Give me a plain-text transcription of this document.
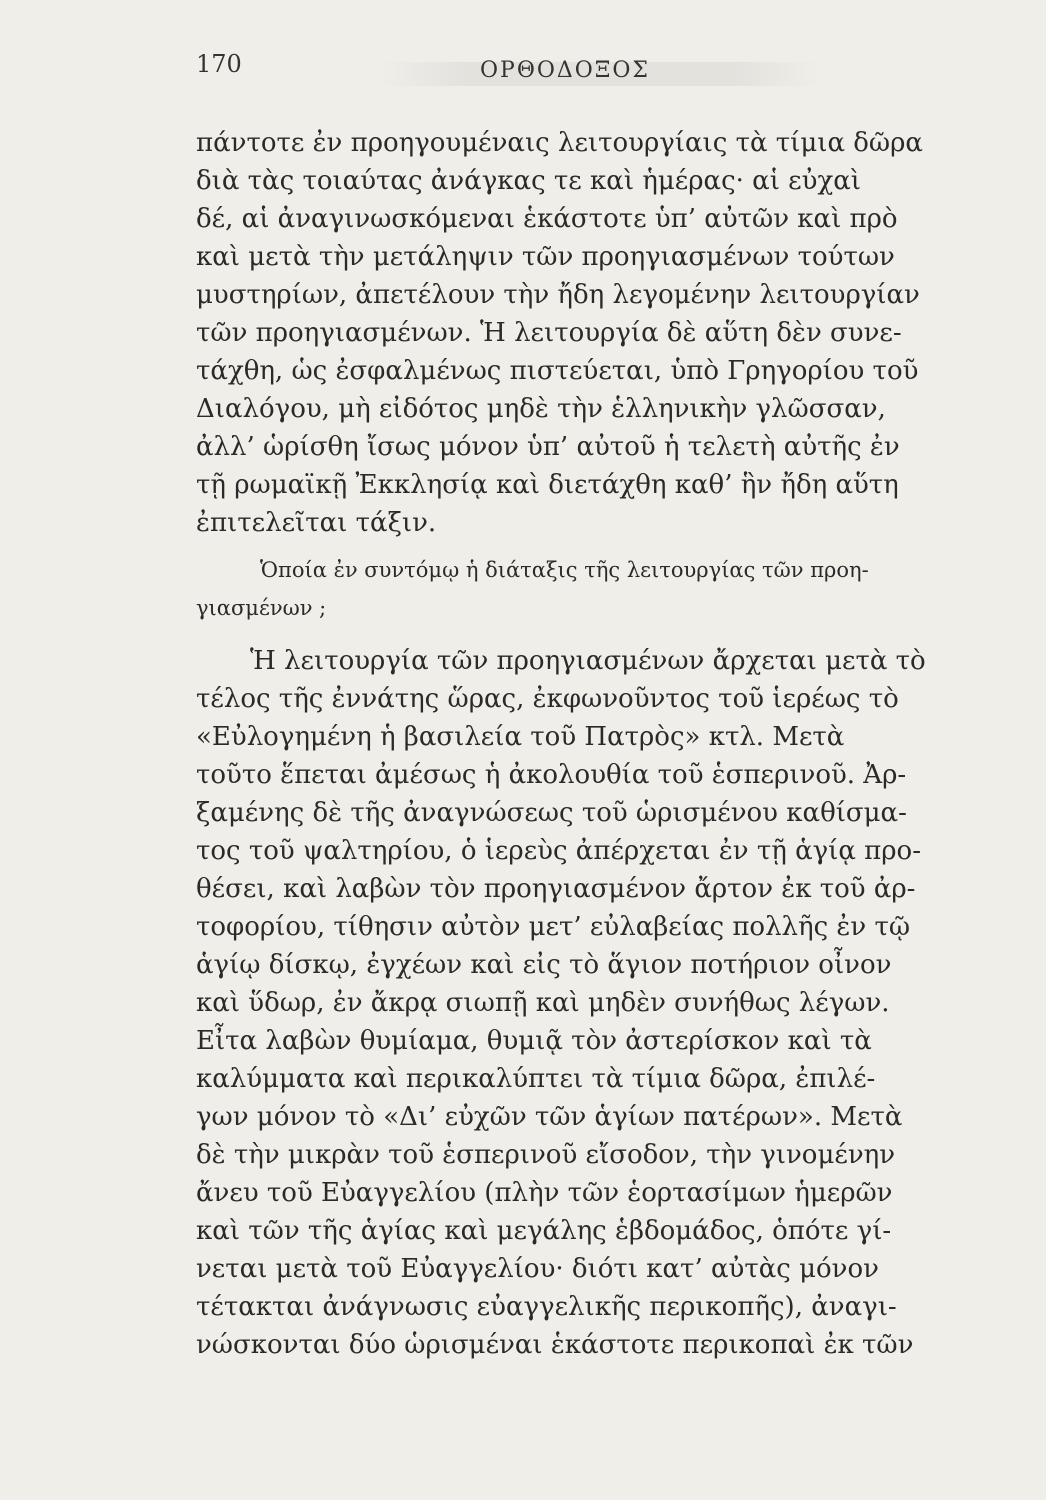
170	ΟΡΘΟΔΟΞΟΣ
πάντοτε ἐν προηγουμέναις λειτουργίαις τὰ τίμια δῶρα
διὰ τὰς τοιαύτας ἀνάγκας τε καὶ ἡμέρας· αἱ εὐχαὶ
δέ, αἱ ἀναγινωσκόμεναι ἑκάστοτε ὑπ’ αὐτῶν καὶ πρὸ
καὶ μετὰ τὴν μετάληψιν τῶν προηγιασμένων τούτων
μυστηρίων, ἀπετέλουν τὴν ἤδη λεγομένην λειτουργίαν
τῶν προηγιασμένων. Ἡ λειτουργία δὲ αὕτη δὲν συνε-
τάχθη, ὡς ἐσφαλμένως πιστεύεται, ὑπὸ Γρηγορίου τοῦ
Διαλόγου, μὴ εἰδότος μηδὲ τὴν ἑλληνικὴν γλῶσσαν,
ἀλλ’ ὡρίσθη ἴσως μόνον ὑπ’ αὐτοῦ ἡ τελετὴ αὐτῆς ἐν
τῇ ρωμαϊκῇ Ἐκκλησίᾳ καὶ διετάχθη καθ’ ἣν ἤδη αὕτη
ἐπιτελεῖται τάξιν.
Ὁποία ἐν συντόμῳ ἡ διάταξις τῆς λειτουργίας τῶν προη-
γιασμένων ;
Ἡ λειτουργία τῶν προηγιασμένων ἄρχεται μετὰ τὸ
τέλος τῆς ἐννάτης ὥρας, ἐκφωνοῦντος τοῦ ἱερέως τὸ
«Εὐλογημένη ἡ βασιλεία τοῦ Πατρὸς» κτλ. Μετὰ
τοῦτο ἕπεται ἀμέσως ἡ ἀκολουθία τοῦ ἑσπερινοῦ. Ἀρ-
ξαμένης δὲ τῆς ἀναγνώσεως τοῦ ὡρισμένου καθίσμα-
τος τοῦ ψαλτηρίου, ὁ ἱερεὺς ἀπέρχεται ἐν τῇ ἁγίᾳ προ-
θέσει, καὶ λαβὼν τὸν προηγιασμένον ἄρτον ἐκ τοῦ ἀρ-
τοφορίου, τίθησιν αὐτὸν μετ’ εὐλαβείας πολλῆς ἐν τῷ
ἁγίῳ δίσκῳ, ἐγχέων καὶ εἰς τὸ ἅγιον ποτήριον οἶνον
καὶ ὕδωρ, ἐν ἄκρᾳ σιωπῇ καὶ μηδὲν συνήθως λέγων.
Εἶτα λαβὼν θυμίαμα, θυμιᾷ τὸν ἀστερίσκον καὶ τὰ
καλύμματα καὶ περικαλύπτει τὰ τίμια δῶρα, ἐπιλέ-
γων μόνον τὸ «Δι’ εὐχῶν τῶν ἁγίων πατέρων». Μετὰ
δὲ τὴν μικρὰν τοῦ ἑσπερινοῦ εἴσοδον, τὴν γινομένην
ἄνευ τοῦ Εὐαγγελίου (πλὴν τῶν ἑορτασίμων ἡμερῶν
καὶ τῶν τῆς ἁγίας καὶ μεγάλης ἑβδομάδος, ὁπότε γί-
νεται μετὰ τοῦ Εὐαγγελίου· διότι κατ’ αὐτὰς μόνον
τέτακται ἀνάγνωσις εὐαγγελικῆς περικοπῆς), ἀναγι-
νώσκονται δύο ὡρισμέναι ἑκάστοτε περικοπαὶ ἐκ τῶν
